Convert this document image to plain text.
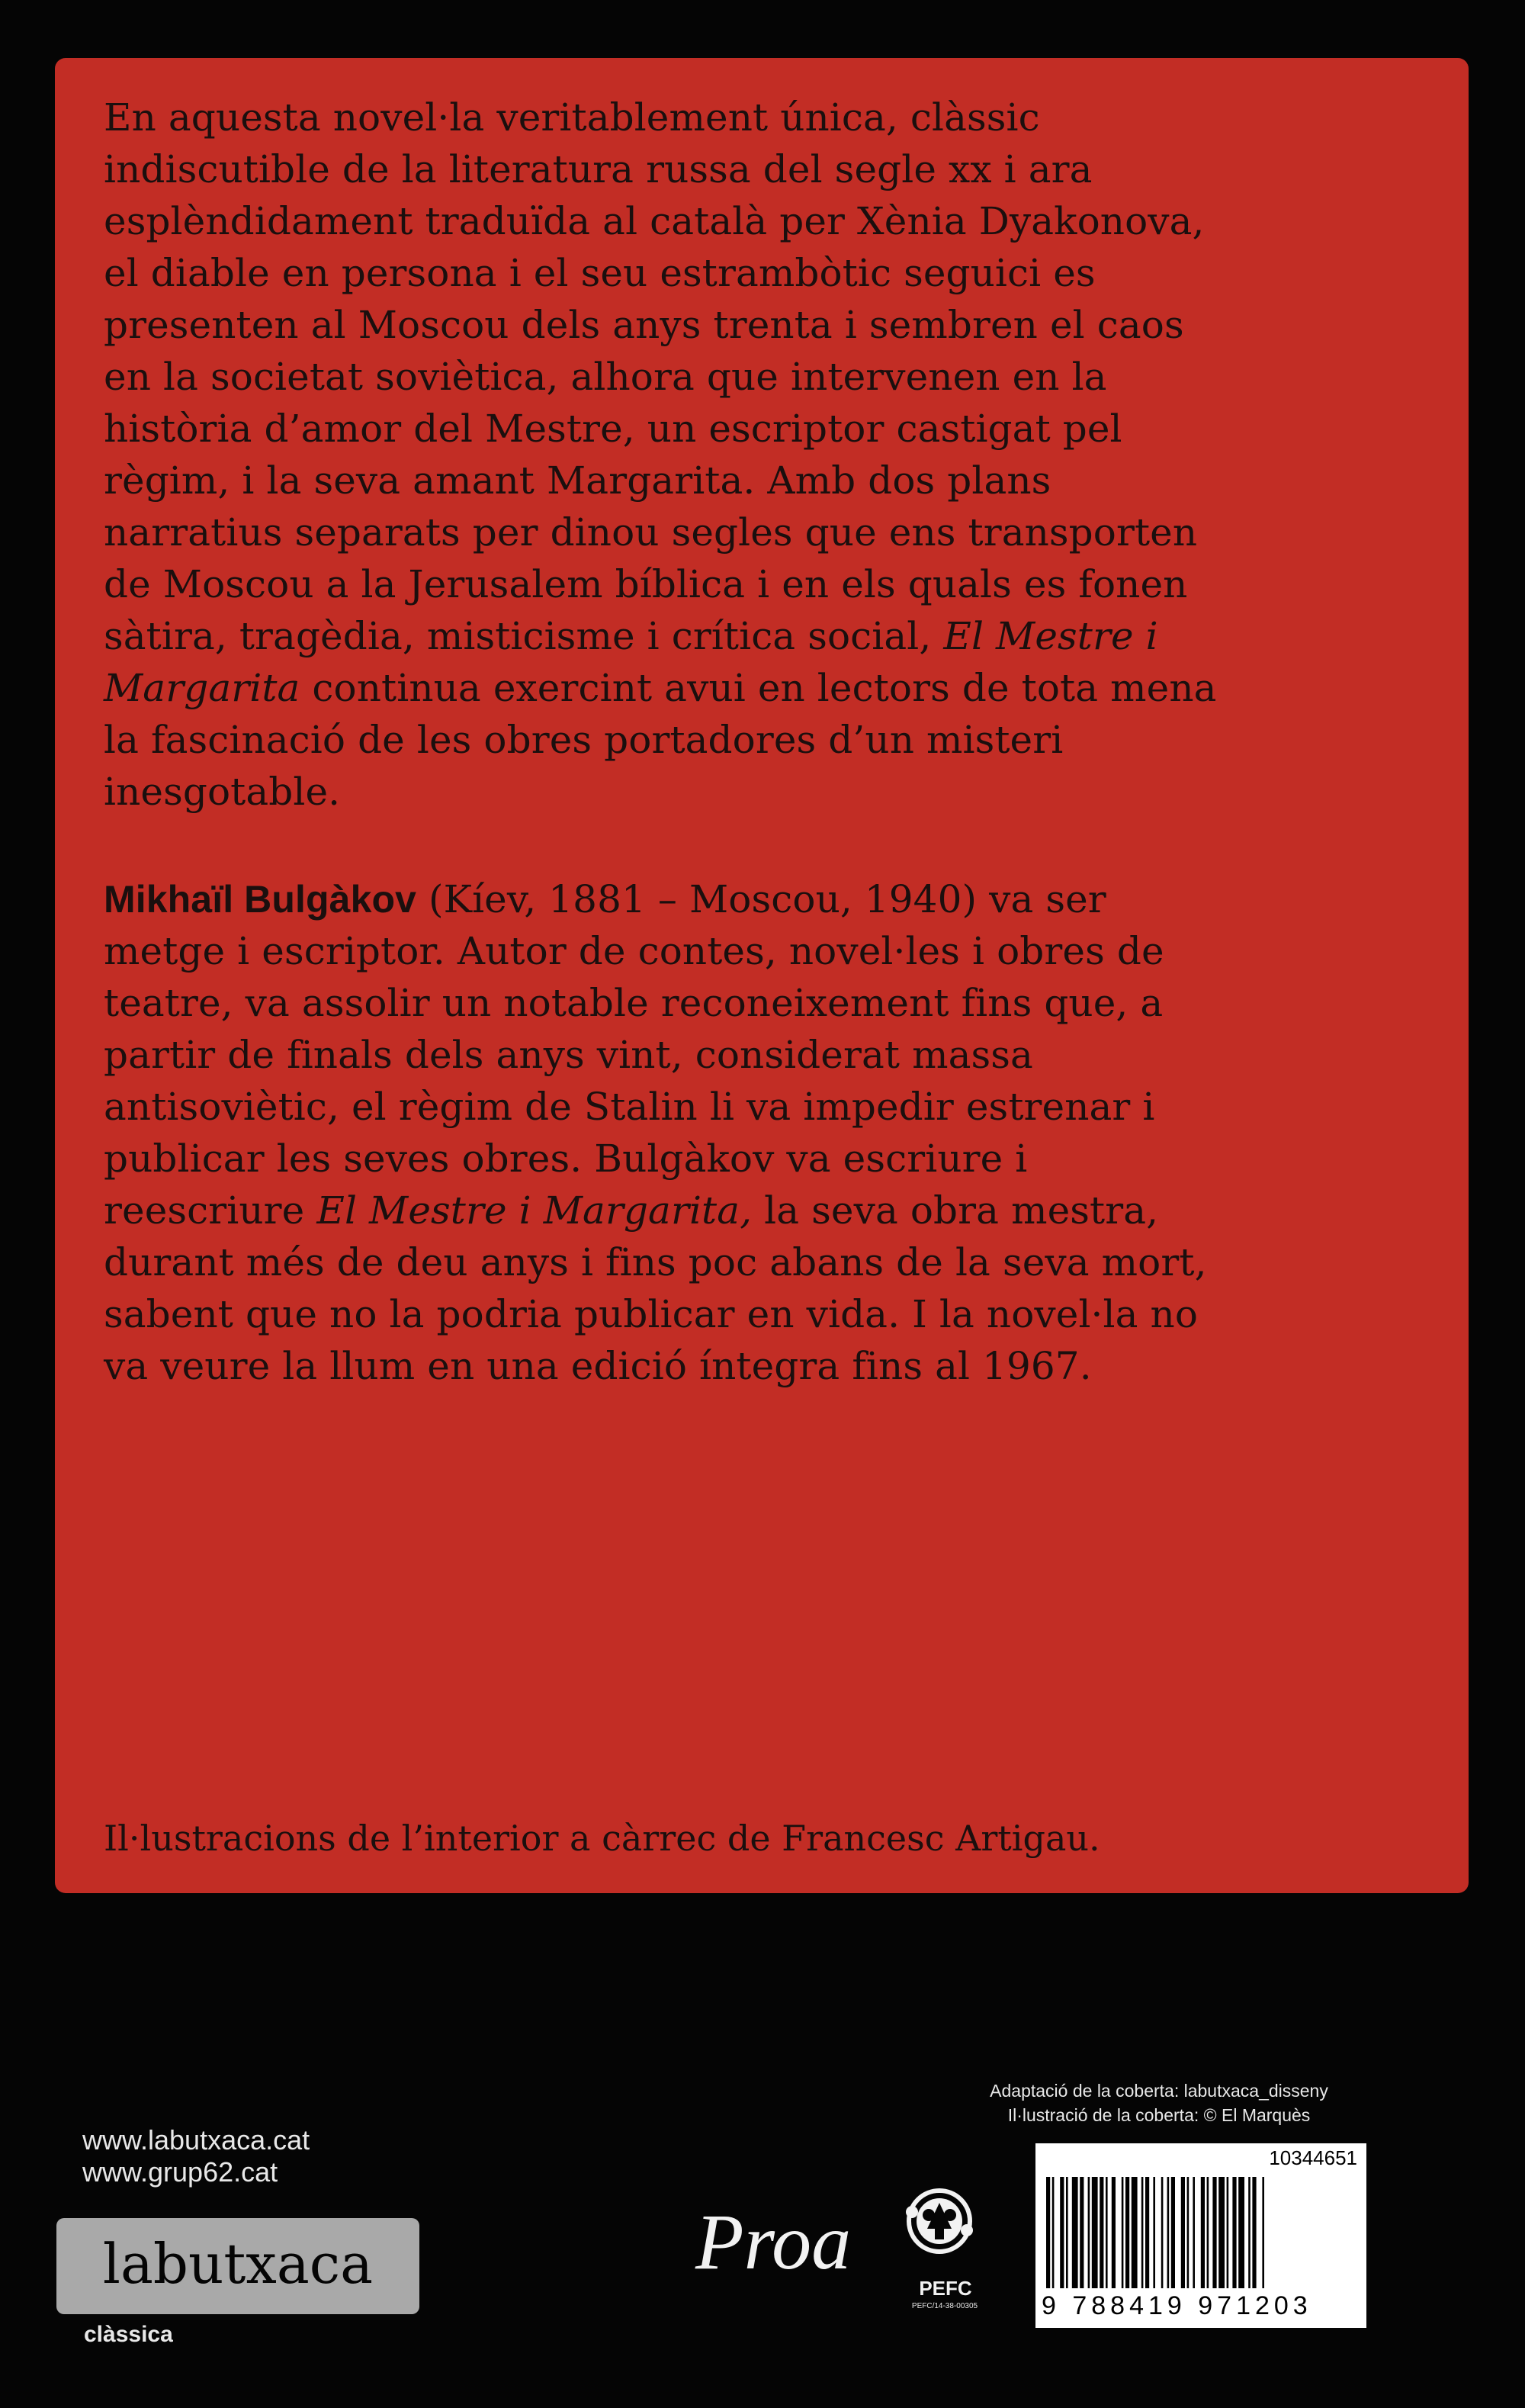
En aquesta novel·la veritablement única, clàssic indiscutible de la literatura russa del segle xx i ara esplèndidament traduïda al català per Xènia Dyakonova, el diable en persona i el seu estrambòtic seguici es presenten al Moscou dels anys trenta i sembren el caos en la societat soviètica, alhora que intervenen en la història d’amor del Mestre, un escriptor castigat pel règim, i la seva amant Margarita. Amb dos plans narratius separats per dinou segles que ens transporten de Moscou a la Jerusalem bíblica i en els quals es fonen sàtira, tragèdia, misticisme i crítica social, El Mestre i Margarita continua exercint avui en lectors de tota mena la fascinació de les obres portadores d’un misteri inesgotable.
Mikhaïl Bulgàkov (Kíev, 1881 – Moscou, 1940) va ser metge i escriptor. Autor de contes, novel·les i obres de teatre, va assolir un notable reconeixement fins que, a partir de finals dels anys vint, considerat massa antisoviètic, el règim de Stalin li va impedir estrenar i publicar les seves obres. Bulgàkov va escriure i reescriure El Mestre i Margarita, la seva obra mestra, durant més de deu anys i fins poc abans de la seva mort, sabent que no la podria publicar en vida. I la novel·la no va veure la llum en una edició íntegra fins al 1967.
Il·lustracions de l’interior a càrrec de Francesc Artigau.
Adaptació de la coberta: labutxaca_disseny
Il·lustració de la coberta: © El Marquès
www.labutxaca.cat
www.grup62.cat
labutxaca
clàssica
Proa
PEFC
PEFC/14-38-00305
10344651
9 788419 971203
